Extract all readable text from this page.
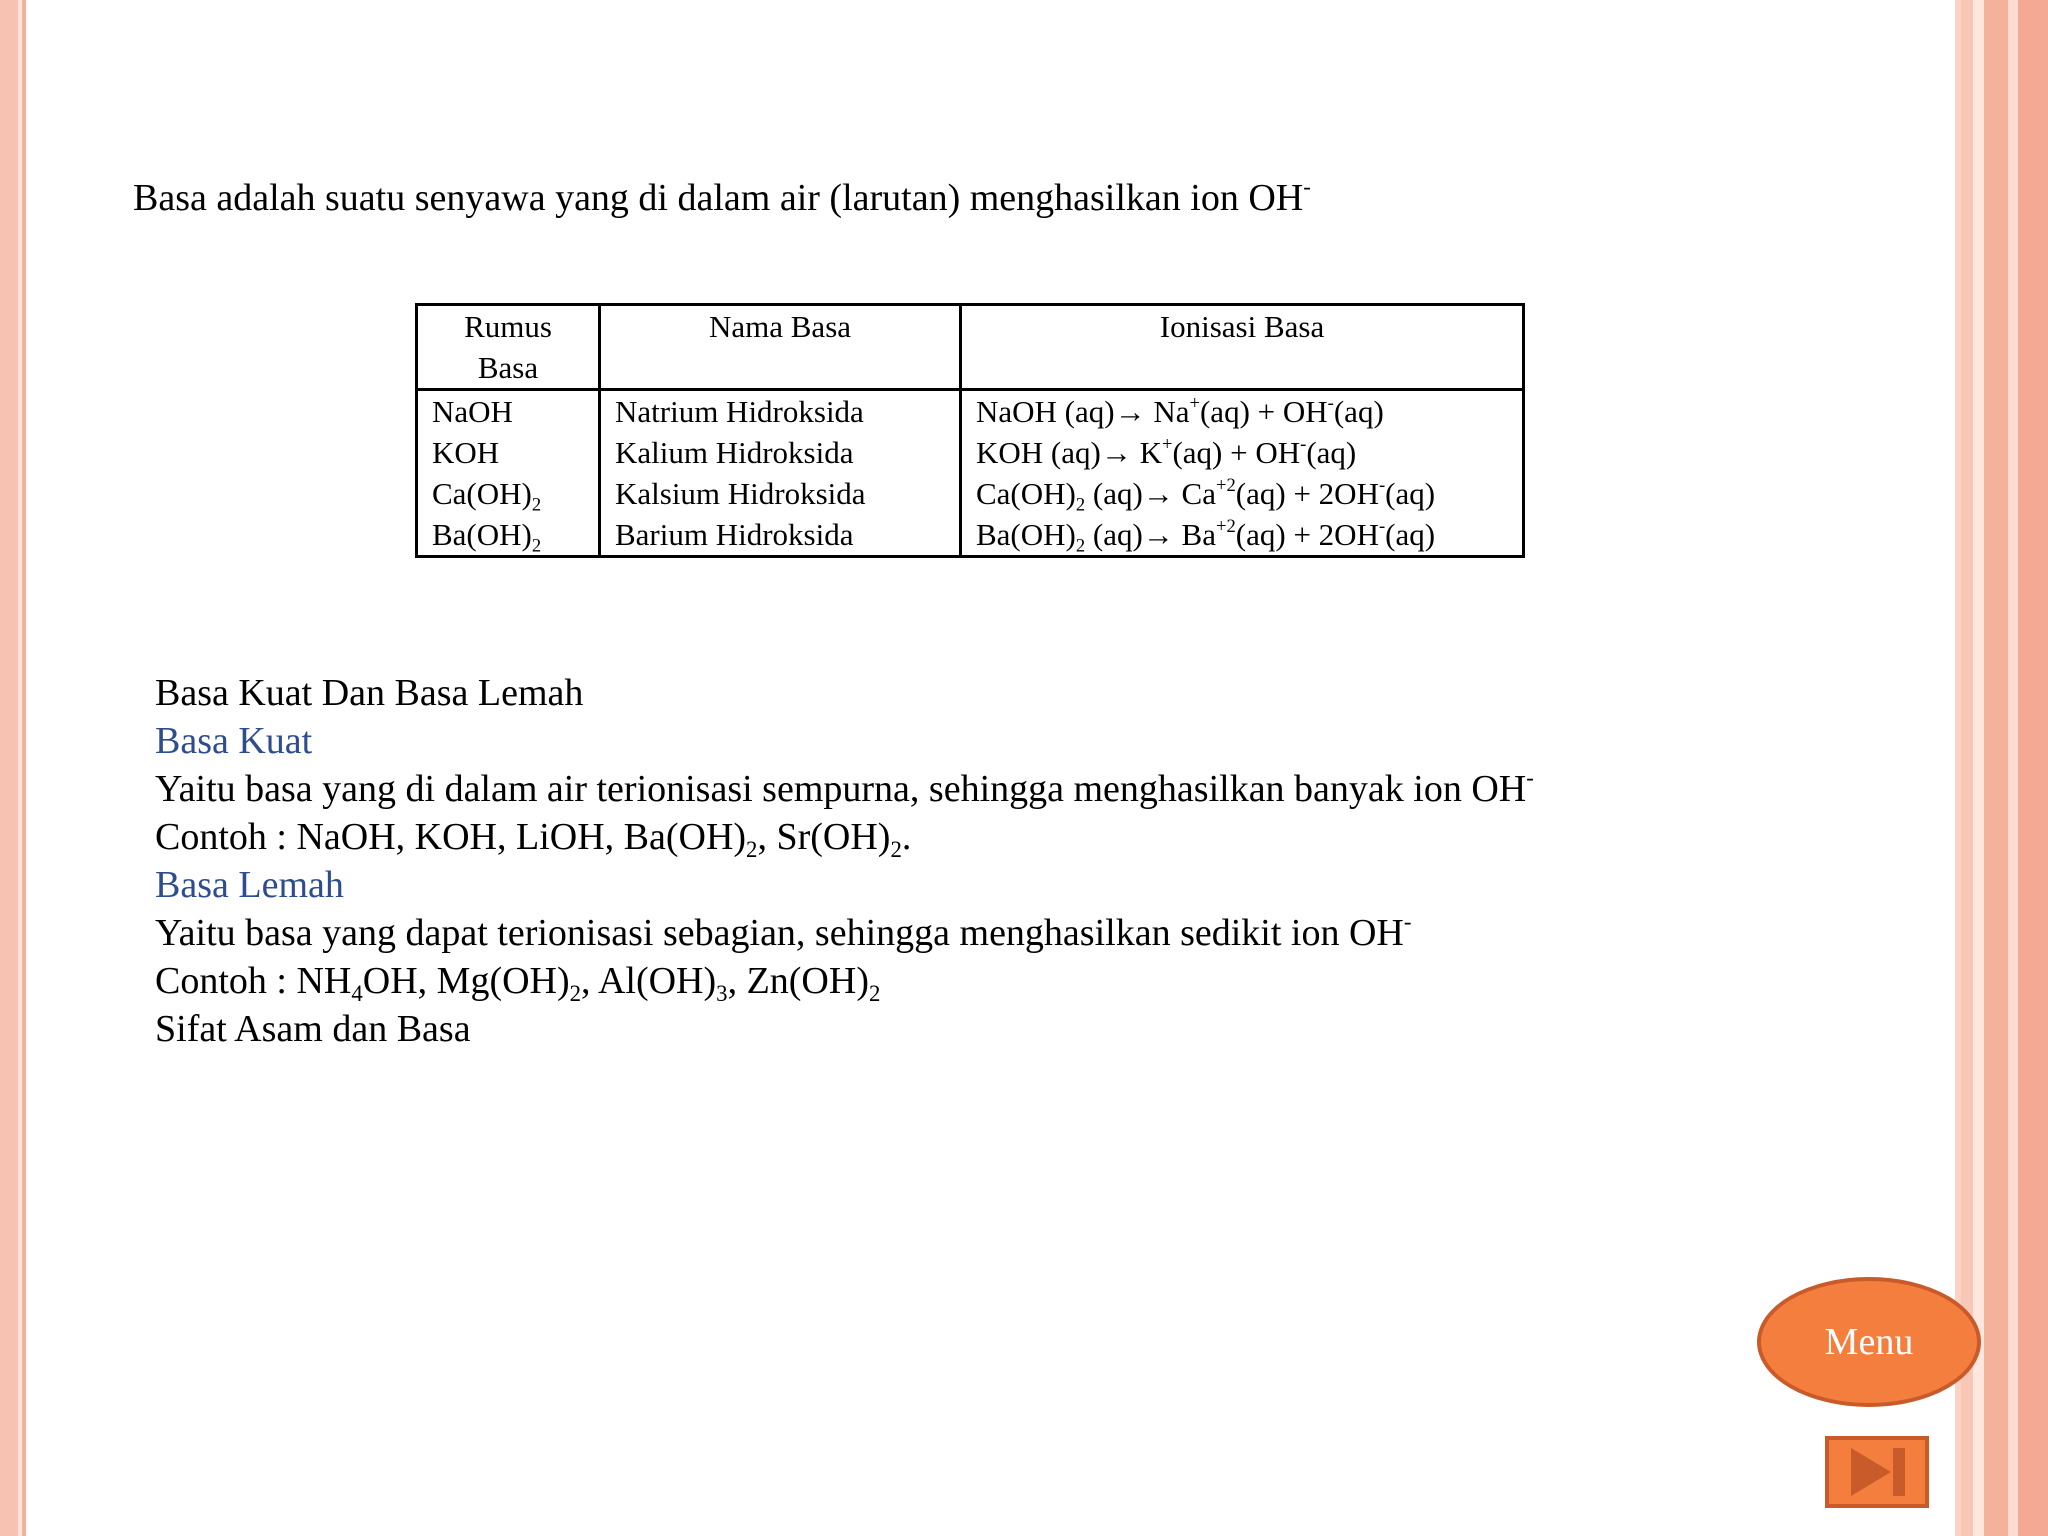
Basa adalah suatu senyawa yang di dalam air (larutan) menghasilkan ion OH-
Rumus
Basa	Nama Basa	Ionisasi Basa
NaOH	Natrium Hidroksida	NaOH (aq)→ Na+(aq) + OH-(aq)
KOH	Kalium Hidroksida	KOH (aq)→ K+(aq) + OH-(aq)
$Ca(OH)_2$	Kalsium Hidroksida	$Ca(OH)_2$ $(aq)\to Ca^{+2}(aq) + 2OH^-(aq)$
$Ba(OH)_2$	Barium Hidroksida	$Ba(OH)_2$ $(aq)\to Ba^{+2}(aq) + 2OH^-(aq)$
Basa Kuat Dan Basa Lemah
Basa Kuat
Yaitu basa yang di dalam air terionisasi sempurna, sehingga menghasilkan banyak ion OH-
Contoh : NaOH, KOH, LiOH, $Ba(OH)_2$, $Sr(OH)_2$.
Basa Lemah
Yaitu basa yang dapat terionisasi sebagian, sehingga menghasilkan sedikit ion OH-
Contoh : $NH_4OH$, $Mg(OH)_2$, $Al(OH)_3$, $Zn(OH)_2$
Sifat Asam dan Basa
Menu
